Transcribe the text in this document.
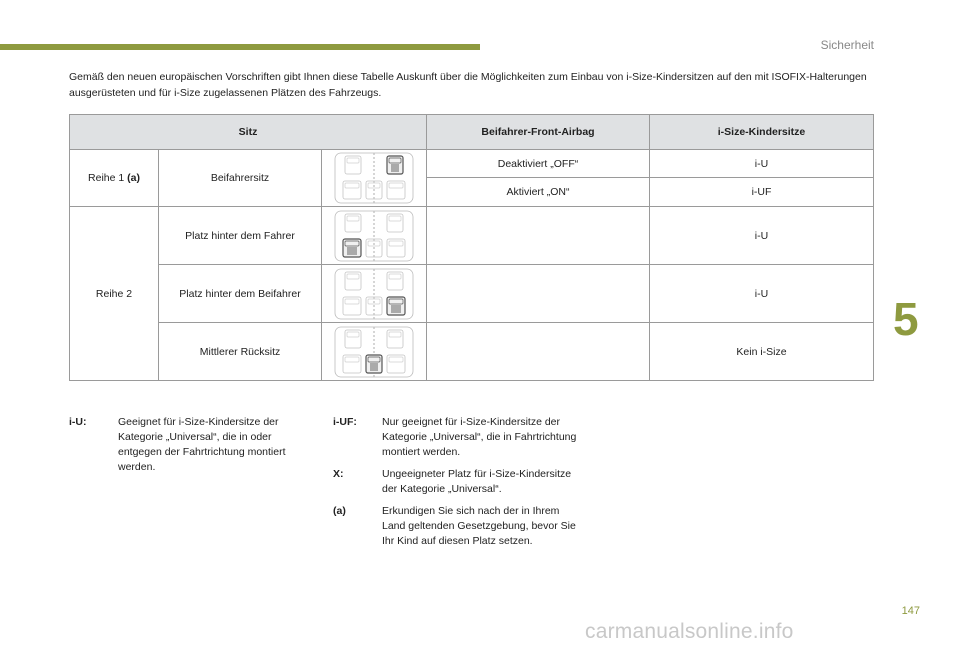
Sicherheit
5
Gemäß den neuen europäischen Vorschriften gibt Ihnen diese Tabelle Auskunft über die Möglichkeiten zum Einbau von i-Size-Kindersitzen auf den mit ISOFIX-Halterungen ausgerüsteten und für i-Size zugelassenen Plätzen des Fahrzeugs.
Sitz			Beifahrer-Front-Airbag	i-Size-Kindersitze
Reihe 1 (a)	Beifahrersitz		Deaktiviert „OFF“	i-U
			Aktiviert „ON“	i-UF
Reihe 2	Platz hinter dem Fahrer			i-U
	Platz hinter dem Beifahrer			i-U
	Mittlerer Rücksitz			Kein i-Size
i-U:	Geeignet für i-Size-Kindersitze der Kategorie „Universal“, die in oder entgegen der Fahrtrichtung montiert werden.
i-UF: Nur geeignet für i-Size-Kindersitze der Kategorie „Universal“, die in Fahrtrichtung montiert werden.
X:	Ungeeigneter Platz für i-Size-Kindersitze der Kategorie „Universal“.
(a)	Erkundigen Sie sich nach der in Ihrem Land geltenden Gesetzgebung, bevor Sie Ihr Kind auf diesen Platz setzen.
147
carmanualsonline.info
